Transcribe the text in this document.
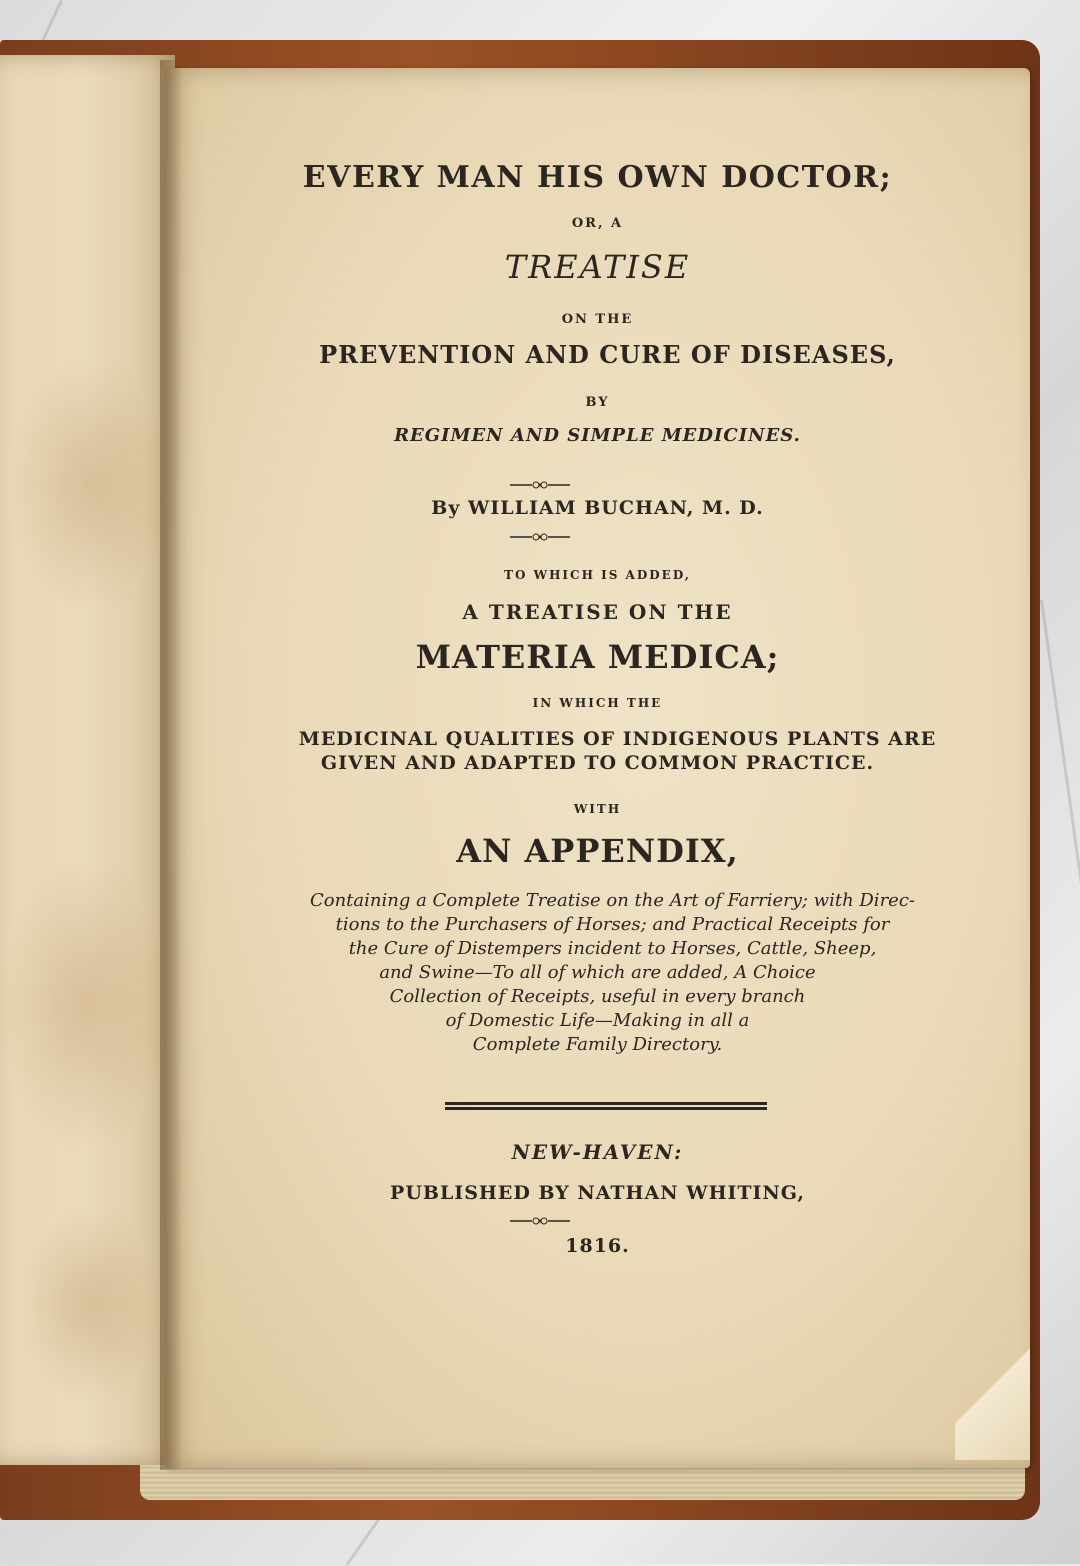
EVERY MAN HIS OWN DOCTOR;
OR, A
TREATISE
ON THE
PREVENTION AND CURE OF DISEASES,
BY
REGIMEN AND SIMPLE MEDICINES.
By WILLIAM BUCHAN, M. D.
TO WHICH IS ADDED,
A TREATISE ON THE
MATERIA MEDICA;
IN WHICH THE
MEDICINAL QUALITIES OF INDIGENOUS PLANTS ARE
GIVEN AND ADAPTED TO COMMON PRACTICE.
WITH
AN APPENDIX,
Containing a Complete Treatise on the Art of Farriery; with Direc-
tions to the Purchasers of Horses; and Practical Receipts for
the Cure of Distempers incident to Horses, Cattle, Sheep,
and Swine—To all of which are added, A Choice
Collection of Receipts, useful in every branch
of Domestic Life—Making in all a
Complete Family Directory.
NEW-HAVEN:
PUBLISHED BY NATHAN WHITING,
1816.
